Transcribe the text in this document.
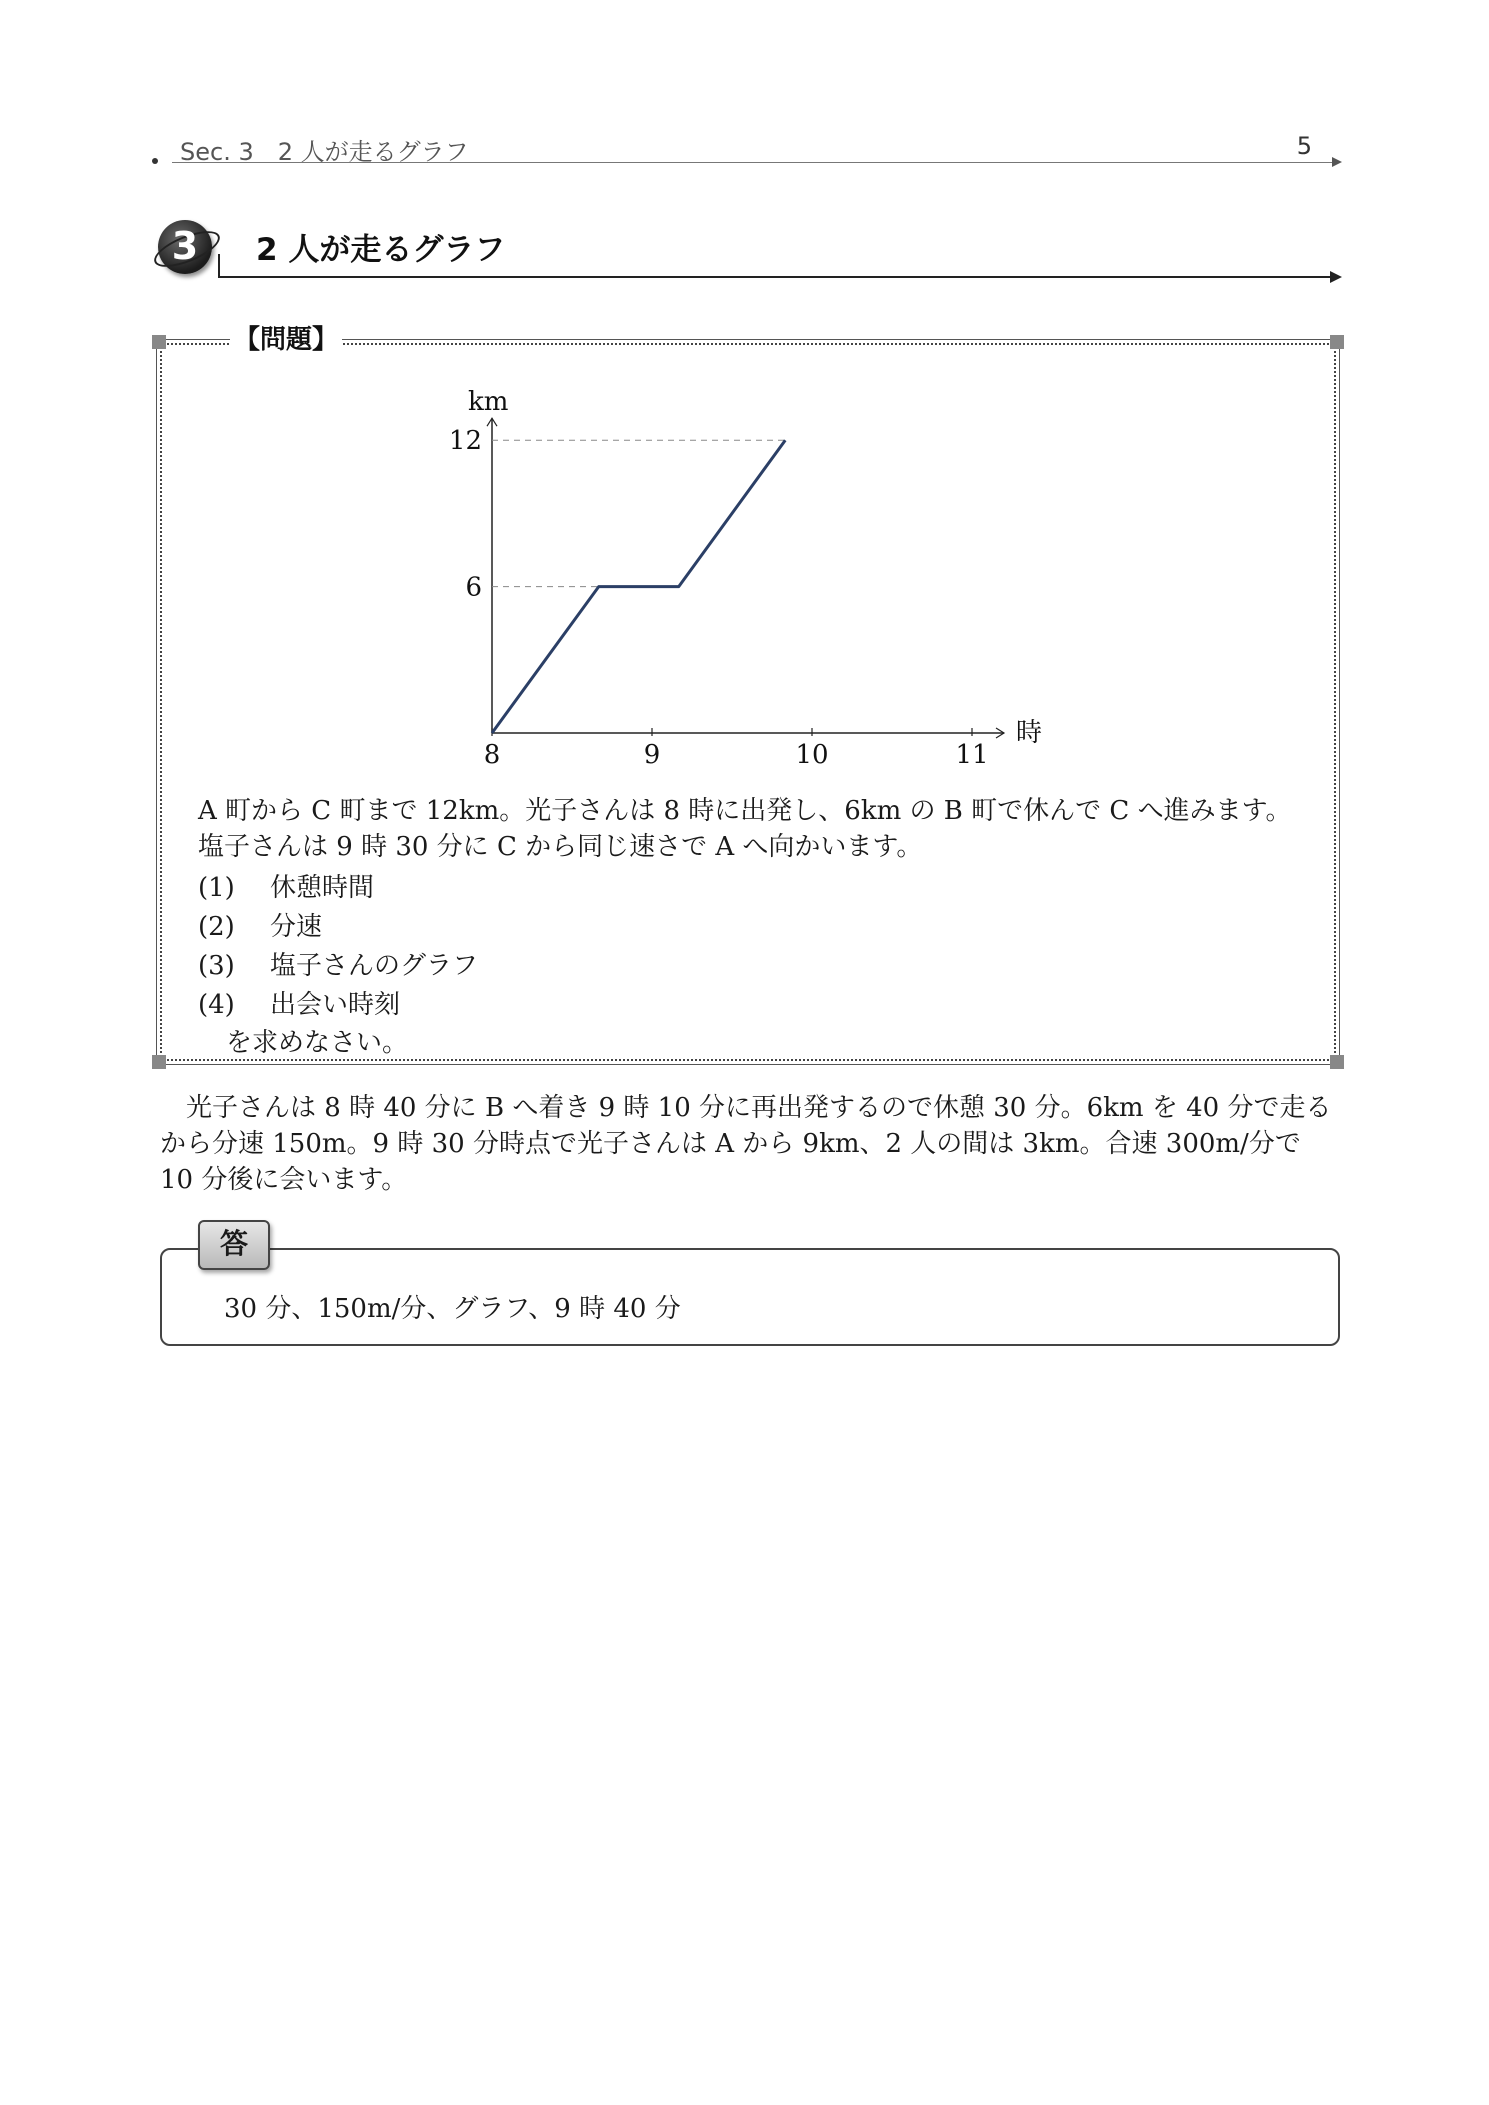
Sec. 3　2 人が走るグラフ	5
3	2 人が走るグラフ
【問題】
時
km
8	9	10	11
6
12

A 町から C 町まで 12km。光子さんは 8 時に出発し、6km の B 町で休んで C へ進みます。

塩子さんは 9 時 30 分に C から同じ速さで A へ向かいます。

(1) 休憩時間
(2) 分速
(3) 塩子さんのグラフ
(4) 出会い時刻
を求めなさい。
光子さんは 8 時 40 分に B へ着き 9 時 10 分に再出発するので休憩 30 分。6km を 40 分で走るから分速 150m。9 時 30 分時点で光子さんは A から 9km、2 人の間は 3km。合速 300m/分で 10 分後に会います。
答
30 分、150m/分、グラフ、9 時 40 分
